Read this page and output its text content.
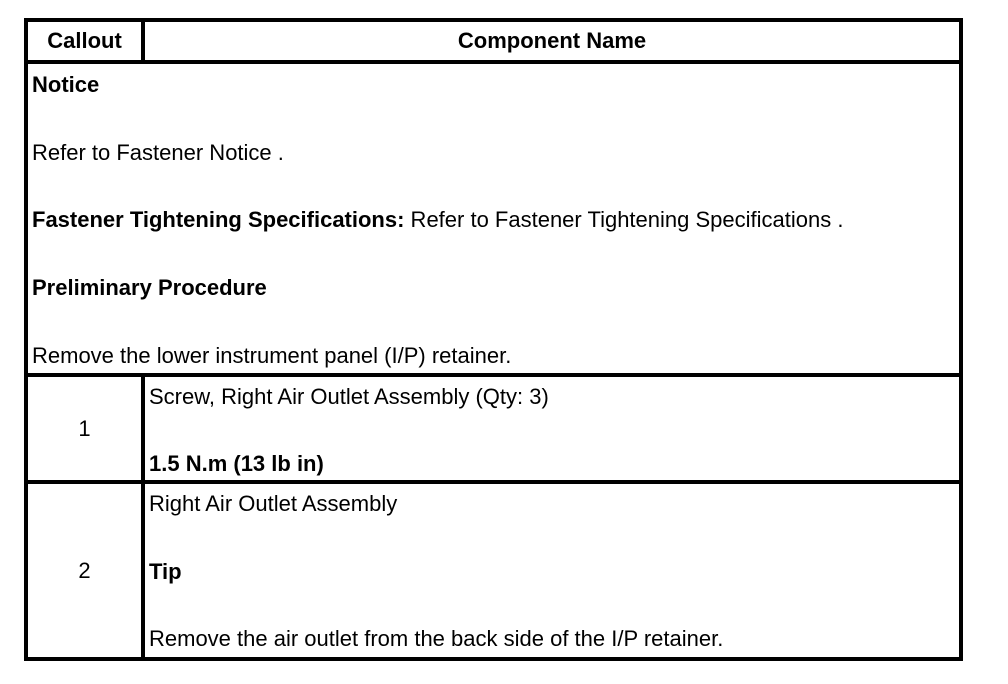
Callout	Component Name
Notice
Refer to Fastener Notice .
Fastener Tightening Specifications: Refer to Fastener Tightening Specifications .
Preliminary Procedure
Remove the lower instrument panel (I/P) retainer.
1
Screw, Right Air Outlet Assembly (Qty: 3)
1.5 N.m (13 lb in)
2
Right Air Outlet Assembly
Tip
Remove the air outlet from the back side of the I/P retainer.
